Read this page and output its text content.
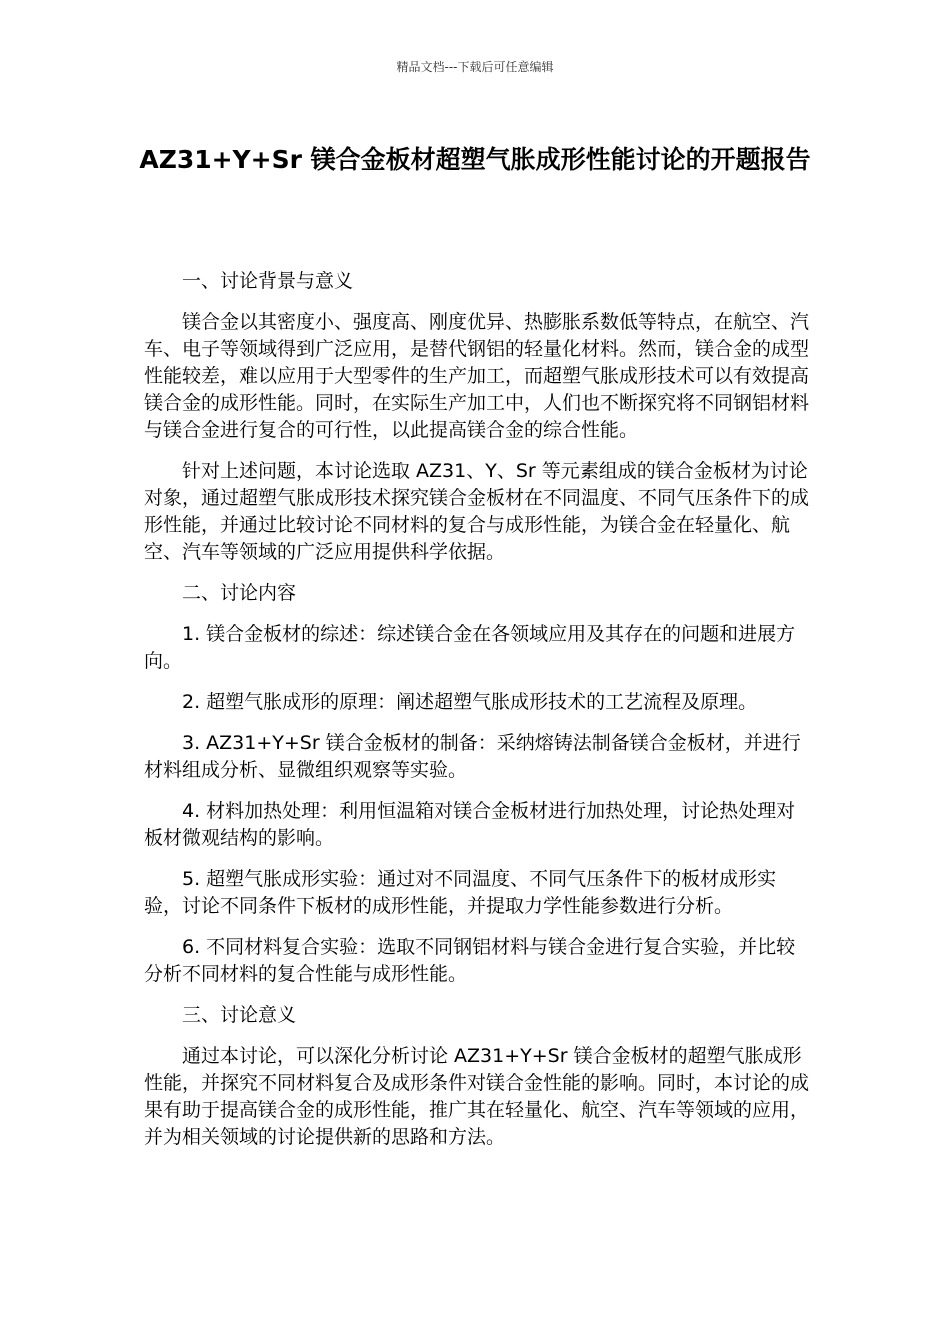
精品文档---下载后可任意编辑
AZ31+Y+Sr 镁合金板材超塑气胀成形性能讨论的开题报告

一、讨论背景与意义

镁合金以其密度小、强度高、刚度优异、热膨胀系数低等特点，在航空、汽车、电子等领域得到广泛应用，是替代钢铝的轻量化材料。然而，镁合金的成型性能较差，难以应用于大型零件的生产加工，而超塑气胀成形技术可以有效提高镁合金的成形性能。同时，在实际生产加工中，人们也不断探究将不同钢铝材料与镁合金进行复合的可行性，以此提高镁合金的综合性能。

针对上述问题，本讨论选取 AZ31、Y、Sr 等元素组成的镁合金板材为讨论对象，通过超塑气胀成形技术探究镁合金板材在不同温度、不同气压条件下的成形性能，并通过比较讨论不同材料的复合与成形性能，为镁合金在轻量化、航空、汽车等领域的广泛应用提供科学依据。

二、讨论内容

1. 镁合金板材的综述：综述镁合金在各领域应用及其存在的问题和进展方向。

2. 超塑气胀成形的原理：阐述超塑气胀成形技术的工艺流程及原理。

3. AZ31+Y+Sr 镁合金板材的制备：采纳熔铸法制备镁合金板材，并进行材料组成分析、显微组织观察等实验。

4. 材料加热处理：利用恒温箱对镁合金板材进行加热处理，讨论热处理对板材微观结构的影响。

5. 超塑气胀成形实验：通过对不同温度、不同气压条件下的板材成形实验，讨论不同条件下板材的成形性能，并提取力学性能参数进行分析。

6. 不同材料复合实验：选取不同钢铝材料与镁合金进行复合实验，并比较分析不同材料的复合性能与成形性能。

三、讨论意义

通过本讨论，可以深化分析讨论 AZ31+Y+Sr 镁合金板材的超塑气胀成形性能，并探究不同材料复合及成形条件对镁合金性能的影响。同时，本讨论的成果有助于提高镁合金的成形性能，推广其在轻量化、航空、汽车等领域的应用，并为相关领域的讨论提供新的思路和方法。
